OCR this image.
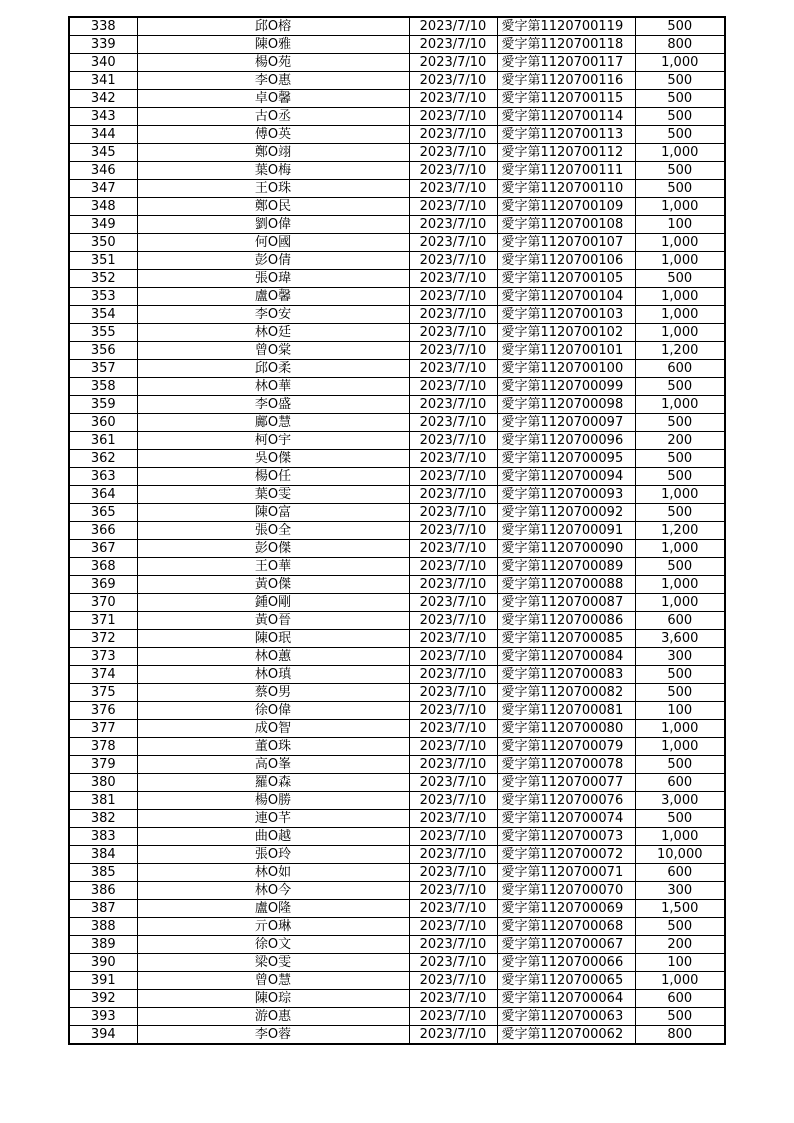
338	邱O榕	2023/7/10	愛字第1120700119	500
339	陳O雅	2023/7/10	愛字第1120700118	800
340	楊O苑	2023/7/10	愛字第1120700117	1,000
341	李O惠	2023/7/10	愛字第1120700116	500
342	卓O馨	2023/7/10	愛字第1120700115	500
343	古O丞	2023/7/10	愛字第1120700114	500
344	傅O英	2023/7/10	愛字第1120700113	500
345	鄭O翊	2023/7/10	愛字第1120700112	1,000
346	葉O梅	2023/7/10	愛字第1120700111	500
347	王O珠	2023/7/10	愛字第1120700110	500
348	鄭O民	2023/7/10	愛字第1120700109	1,000
349	劉O偉	2023/7/10	愛字第1120700108	100
350	何O國	2023/7/10	愛字第1120700107	1,000
351	彭O倩	2023/7/10	愛字第1120700106	1,000
352	張O瑋	2023/7/10	愛字第1120700105	500
353	盧O馨	2023/7/10	愛字第1120700104	1,000
354	李O安	2023/7/10	愛字第1120700103	1,000
355	林O廷	2023/7/10	愛字第1120700102	1,000
356	曾O棠	2023/7/10	愛字第1120700101	1,200
357	邱O柔	2023/7/10	愛字第1120700100	600
358	林O華	2023/7/10	愛字第1120700099	500
359	李O盛	2023/7/10	愛字第1120700098	1,000
360	鄺O慧	2023/7/10	愛字第1120700097	500
361	柯O宇	2023/7/10	愛字第1120700096	200
362	吳O傑	2023/7/10	愛字第1120700095	500
363	楊O任	2023/7/10	愛字第1120700094	500
364	葉O雯	2023/7/10	愛字第1120700093	1,000
365	陳O富	2023/7/10	愛字第1120700092	500
366	張O全	2023/7/10	愛字第1120700091	1,200
367	彭O傑	2023/7/10	愛字第1120700090	1,000
368	王O華	2023/7/10	愛字第1120700089	500
369	黃O傑	2023/7/10	愛字第1120700088	1,000
370	鍾O剛	2023/7/10	愛字第1120700087	1,000
371	黃O晉	2023/7/10	愛字第1120700086	600
372	陳O珉	2023/7/10	愛字第1120700085	3,600
373	林O蕙	2023/7/10	愛字第1120700084	300
374	林O瑱	2023/7/10	愛字第1120700083	500
375	蔡O男	2023/7/10	愛字第1120700082	500
376	徐O偉	2023/7/10	愛字第1120700081	100
377	成O智	2023/7/10	愛字第1120700080	1,000
378	董O珠	2023/7/10	愛字第1120700079	1,000
379	高O峯	2023/7/10	愛字第1120700078	500
380	羅O森	2023/7/10	愛字第1120700077	600
381	楊O勝	2023/7/10	愛字第1120700076	3,000
382	連O芊	2023/7/10	愛字第1120700074	500
383	曲O越	2023/7/10	愛字第1120700073	1,000
384	張O玲	2023/7/10	愛字第1120700072	10,000
385	林O如	2023/7/10	愛字第1120700071	600
386	林O今	2023/7/10	愛字第1120700070	300
387	盧O隆	2023/7/10	愛字第1120700069	1,500
388	亓O琳	2023/7/10	愛字第1120700068	500
389	徐O文	2023/7/10	愛字第1120700067	200
390	梁O雯	2023/7/10	愛字第1120700066	100
391	曾O慧	2023/7/10	愛字第1120700065	1,000
392	陳O琮	2023/7/10	愛字第1120700064	600
393	游O惠	2023/7/10	愛字第1120700063	500
394	李O蓉	2023/7/10	愛字第1120700062	800
